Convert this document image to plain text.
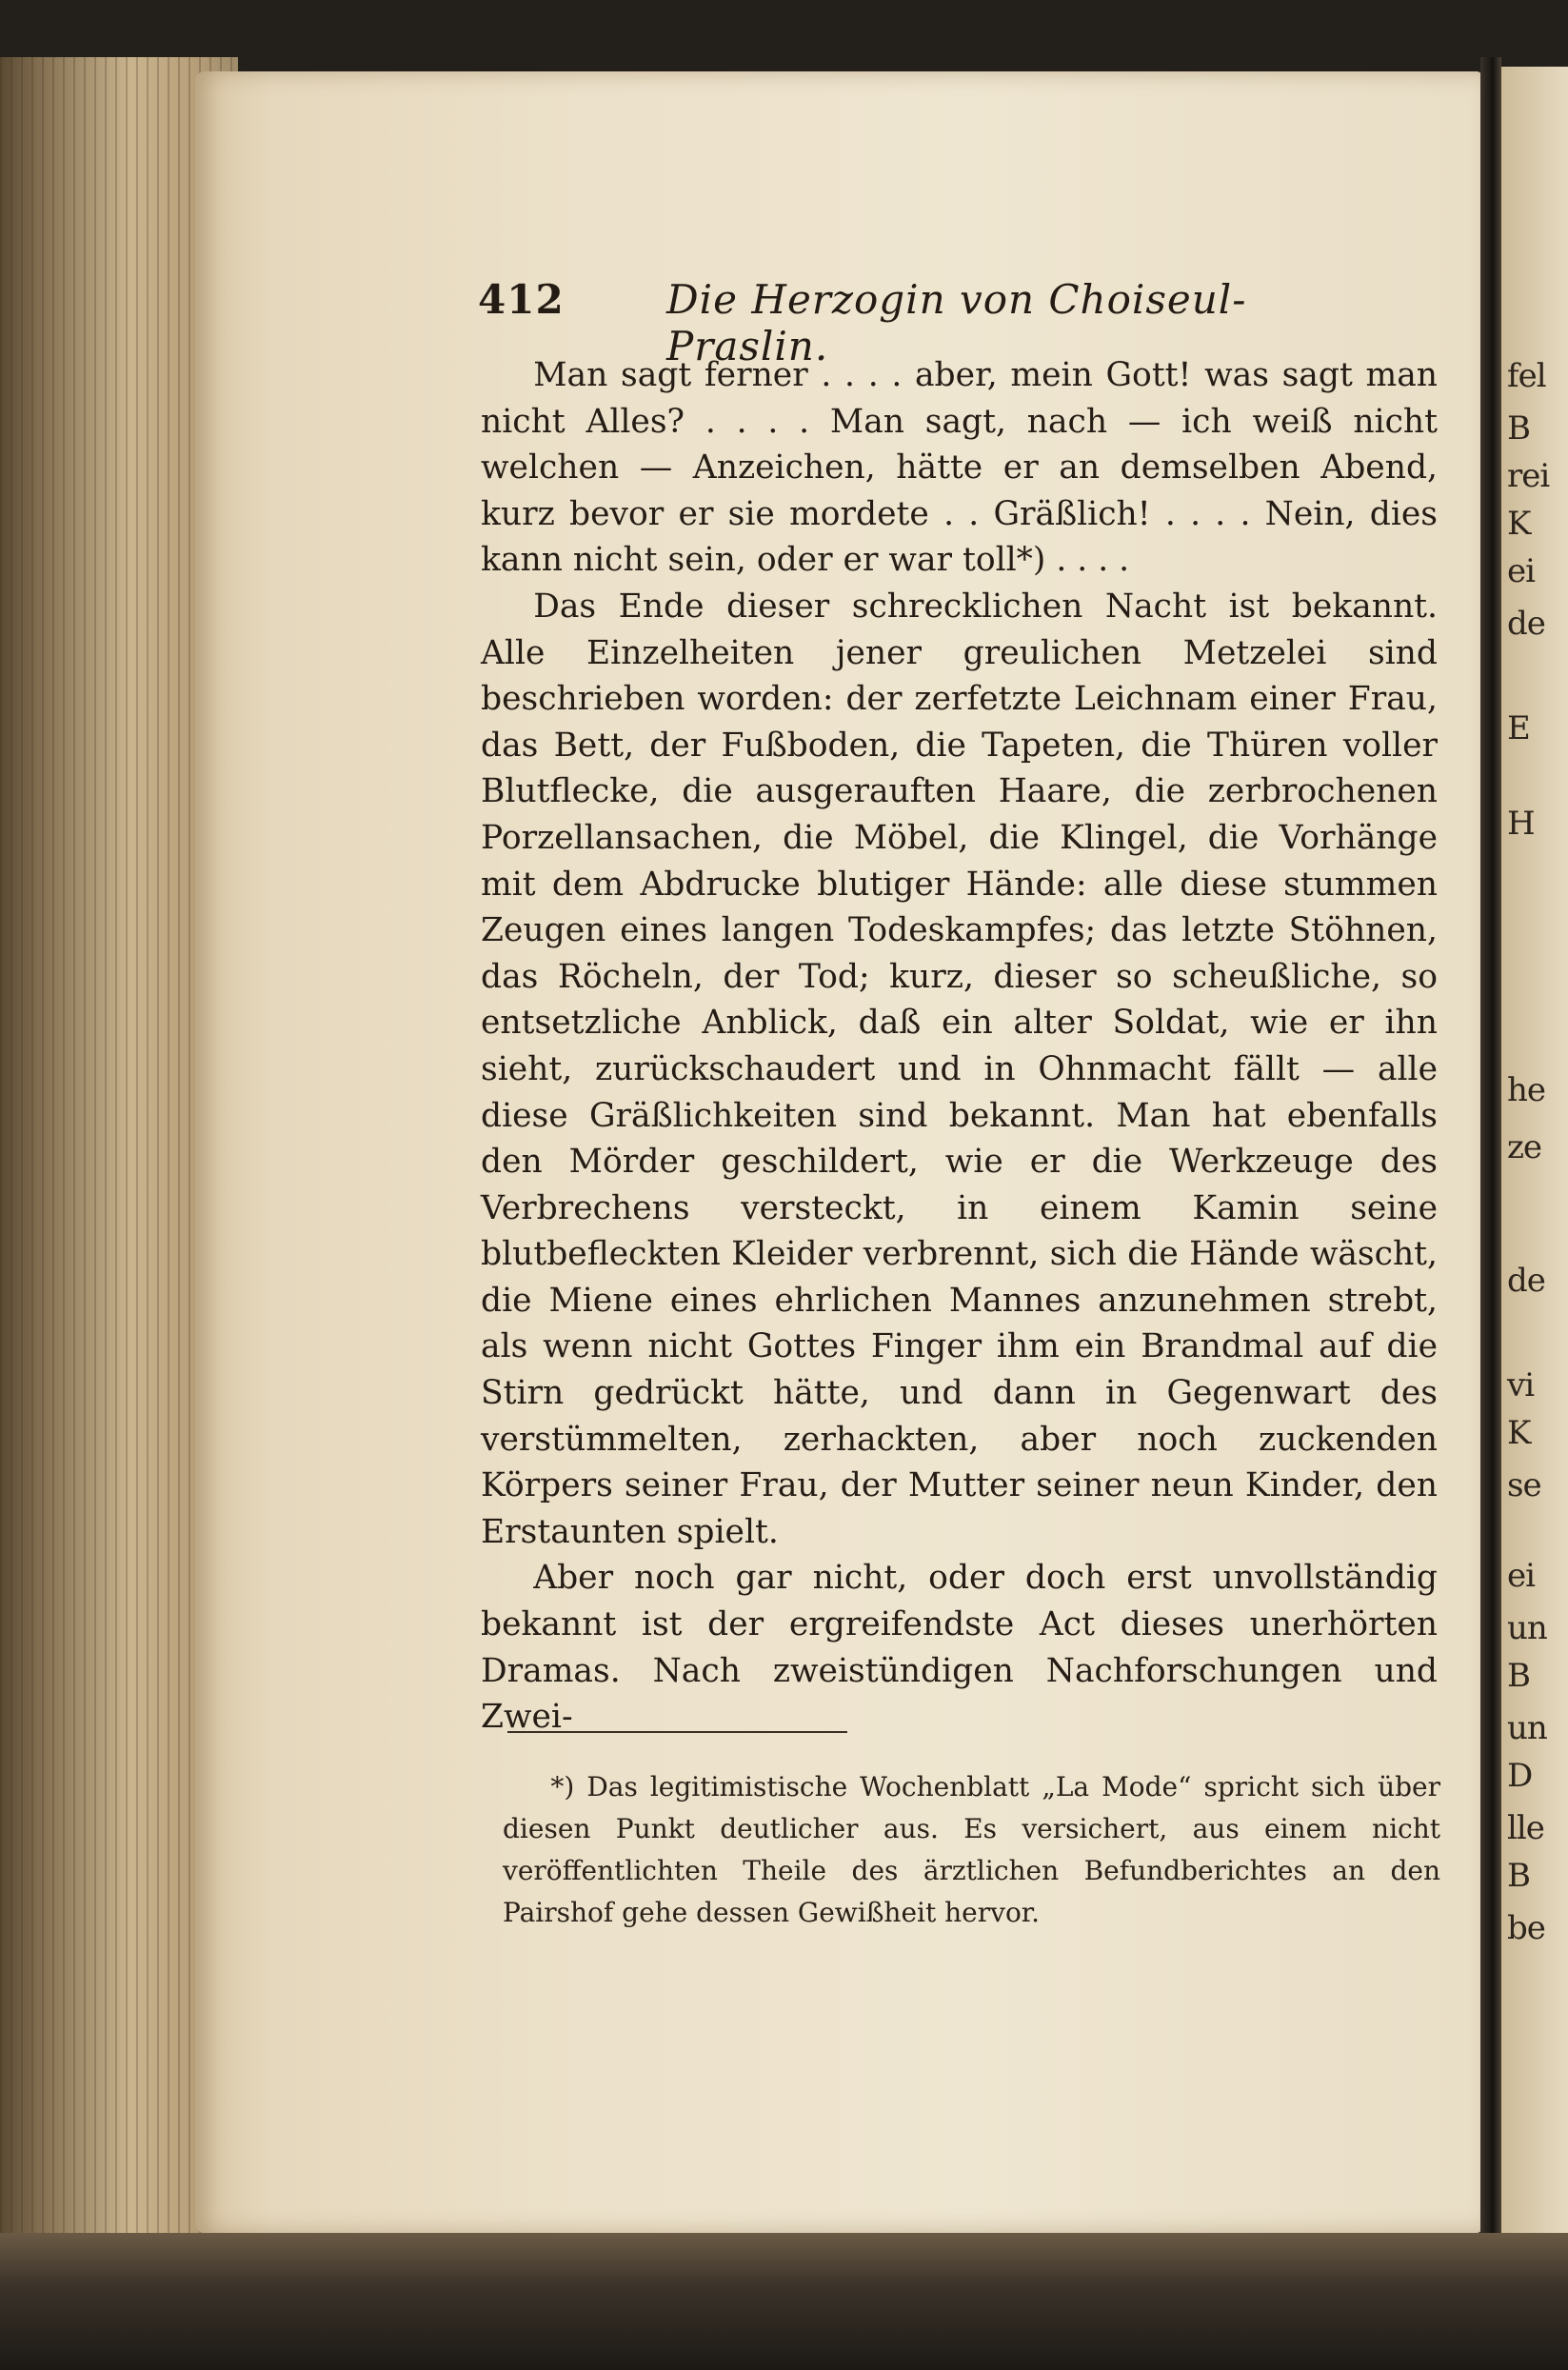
412	Die Herzogin von Choiseul-Praslin.

Man sagt ferner . . . . aber, mein Gott! was sagt man nicht Alles? . . . . Man sagt, nach — ich weiß nicht welchen — Anzeichen, hätte er an demselben Abend, kurz bevor er sie mordete . . Gräßlich! . . . . Nein, dies kann nicht sein, oder er war toll*) . . . .

Das Ende dieser schrecklichen Nacht ist bekannt. Alle Einzelheiten jener greulichen Metzelei sind beschrieben worden: der zerfetzte Leichnam einer Frau, das Bett, der Fußboden, die Tapeten, die Thüren voller Blutflecke, die ausgerauften Haare, die zerbrochenen Porzellansachen, die Möbel, die Klingel, die Vorhänge mit dem Abdrucke blutiger Hände: alle diese stummen Zeugen eines langen Todeskampfes; das letzte Stöhnen, das Röcheln, der Tod; kurz, dieser so scheußliche, so entsetzliche Anblick, daß ein alter Soldat, wie er ihn sieht, zurückschaudert und in Ohnmacht fällt — alle diese Gräßlichkeiten sind bekannt. Man hat ebenfalls den Mörder geschildert, wie er die Werkzeuge des Verbrechens versteckt, in einem Kamin seine blutbefleckten Kleider verbrennt, sich die Hände wäscht, die Miene eines ehrlichen Mannes anzunehmen strebt, als wenn nicht Gottes Finger ihm ein Brandmal auf die Stirn gedrückt hätte, und dann in Gegenwart des verstümmelten, zerhackten, aber noch zuckenden Körpers seiner Frau, der Mutter seiner neun Kinder, den Erstaunten spielt.

Aber noch gar nicht, oder doch erst unvollständig bekannt ist der ergreifendste Act dieses unerhörten Dramas. Nach zweistündigen Nachforschungen und Zwei-

*) Das legitimistische Wochenblatt „La Mode“ spricht sich über diesen Punkt deutlicher aus. Es versichert, aus einem nicht veröffentlichten Theile des ärztlichen Befundberichtes an den Pairshof gehe dessen Gewißheit hervor.
fel
B
rei
K
ei
de
E
H
he
ze
de
vi
K
se
ei
un
B
un
D
lle
B
be
